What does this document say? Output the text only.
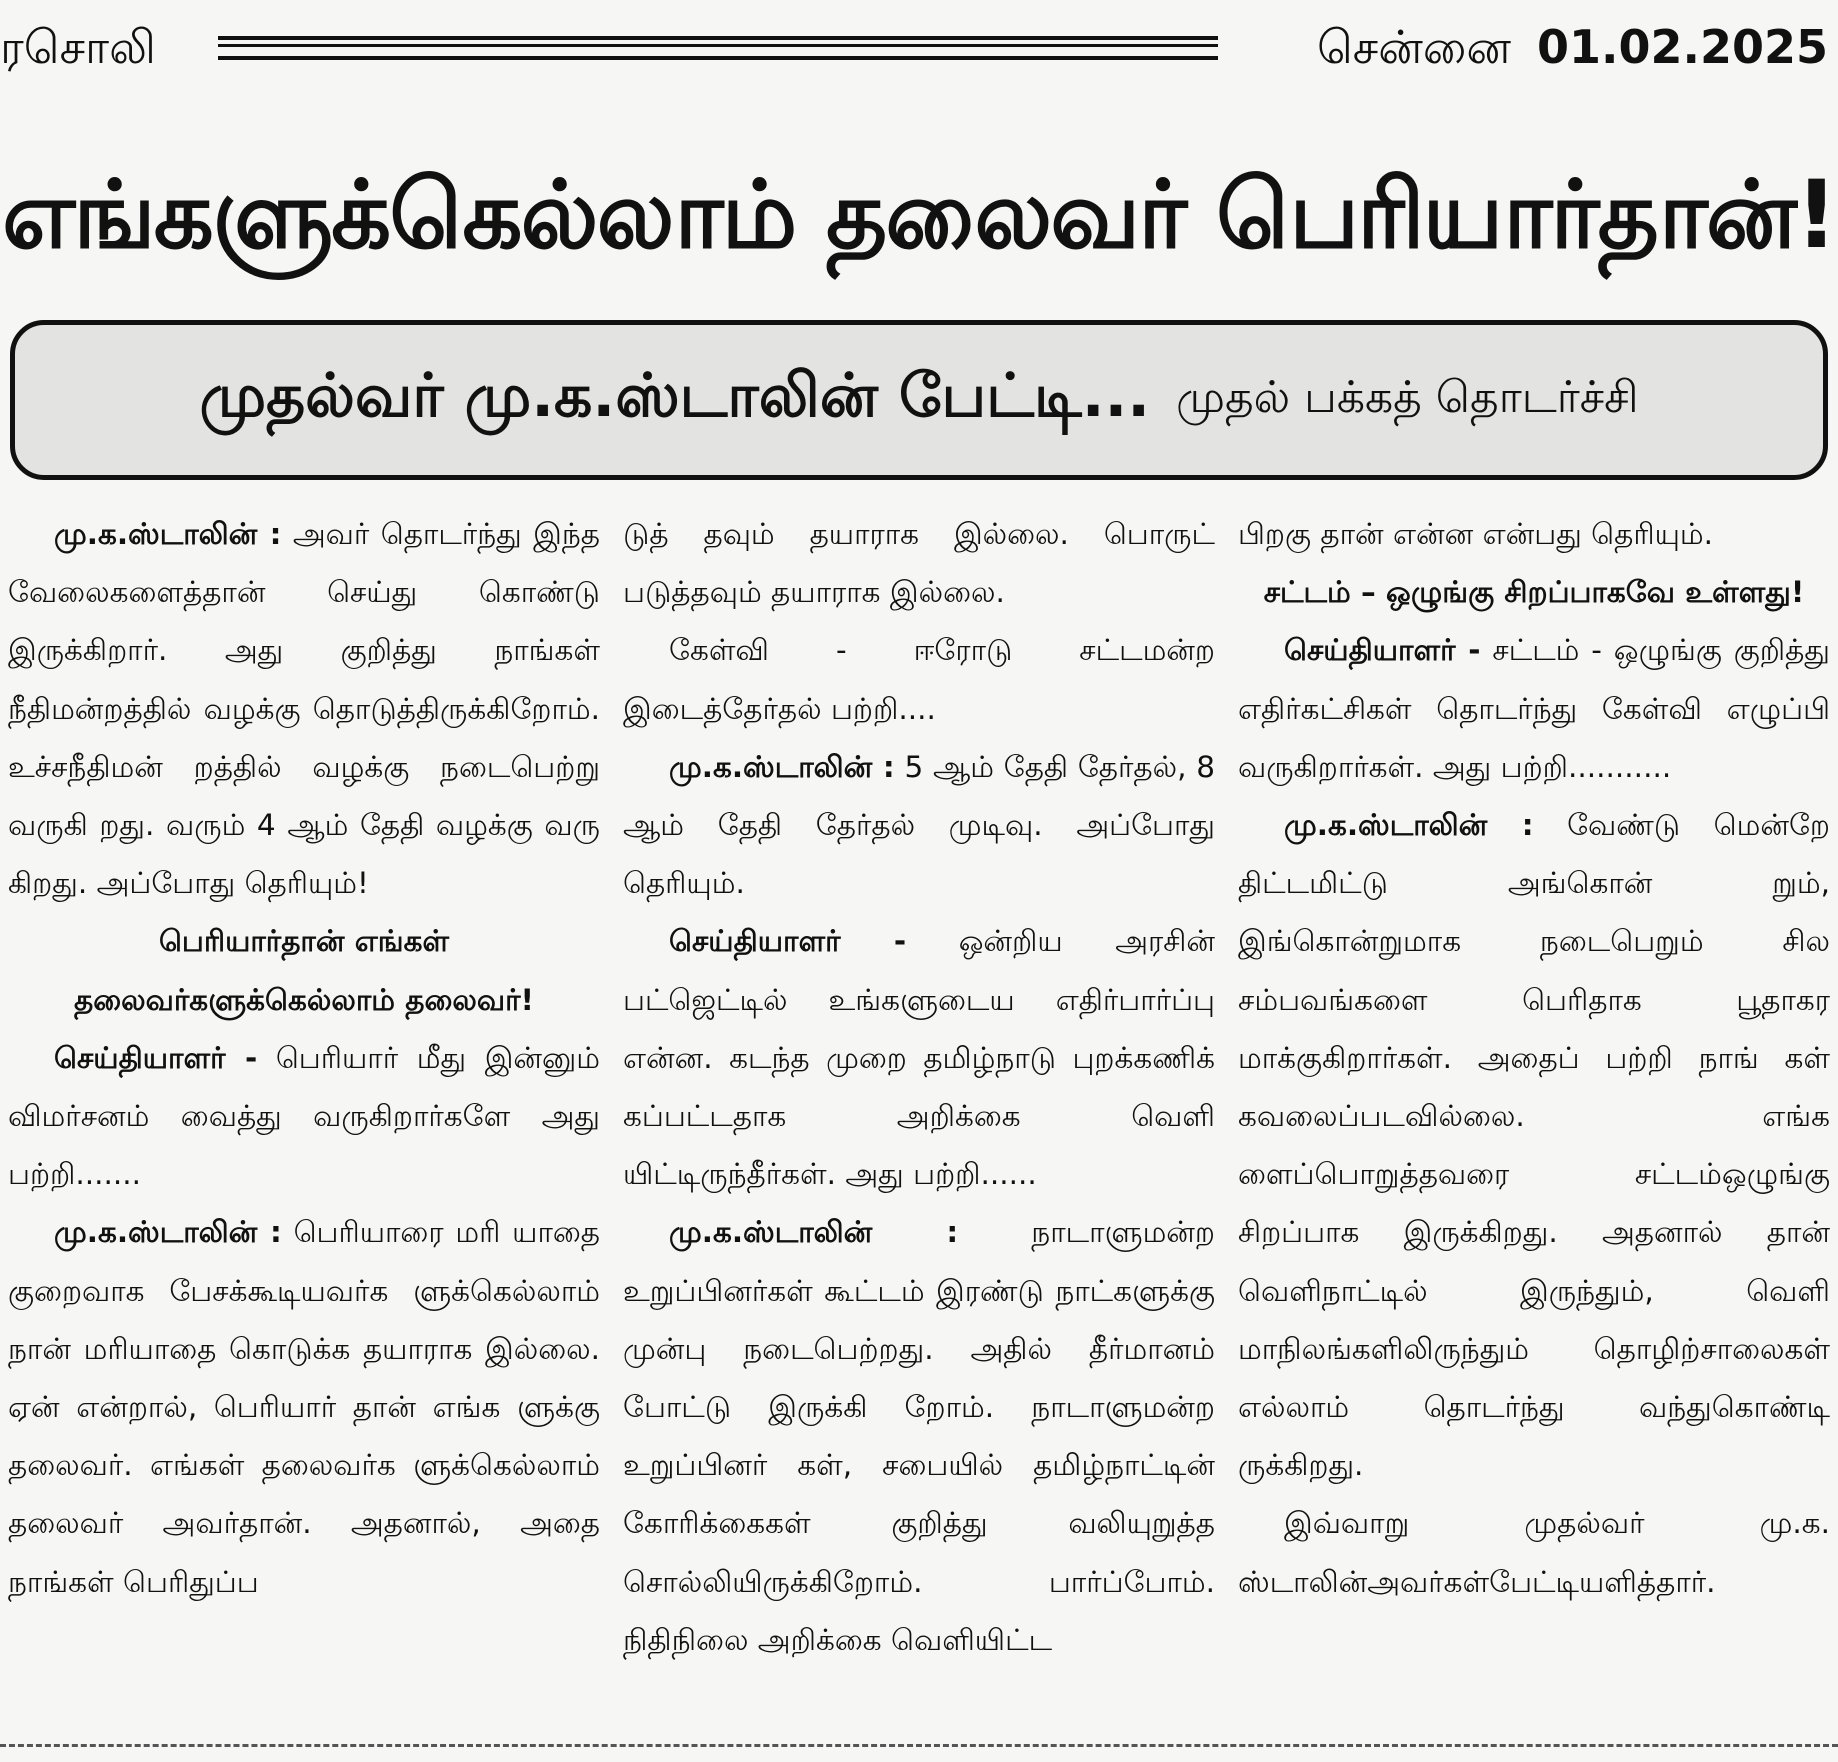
ரசொலி	சென்னை 01.02.2025
எங்களுக்கெல்லாம் தலைவர் பெரியார்தான்!
முதல்வர் மு.க.ஸ்டாலின் பேட்டி... முதல் பக்கத் தொடர்ச்சி

மு.க.ஸ்டாலின் : அவர் தொடர்ந்து இந்த வேலைகளைத்தான் செய்து கொண்டு இருக்கிறார். அது குறித்து நாங்கள் நீதிமன்றத்தில் வழக்கு தொடுத்திருக்கிறோம். உச்சநீதிமன் றத்தில் வழக்கு நடைபெற்று வருகி றது. வரும் 4 ஆம் தேதி வழக்கு வரு கிறது. அப்போது தெரியும்!

பெரியார்தான் எங்கள் தலைவர்களுக்கெல்லாம் தலைவர்!

செய்தியாளர் - பெரியார் மீது இன்னும் விமர்சனம் வைத்து வருகிறார்களே அது பற்றி.......

மு.க.ஸ்டாலின் : பெரியாரை மரி யாதை குறைவாக பேசக்கூடியவர்க ளுக்கெல்லாம் நான் மரியாதை கொடுக்க தயாராக இல்லை. ஏன் என்றால், பெரியார் தான் எங்க ளுக்கு தலைவர். எங்கள் தலைவர்க ளுக்கெல்லாம் தலைவர் அவர்தான். அதனால், அதை நாங்கள் பெரிதுப்ப

டுத் தவும் தயாராக இல்லை. பொருட் படுத்தவும் தயாராக இல்லை.

கேள்வி - ஈரோடு சட்டமன்ற இடைத்தேர்தல் பற்றி....

மு.க.ஸ்டாலின் : 5 ஆம் தேதி தேர்தல், 8 ஆம் தேதி தேர்தல் முடிவு. அப்போது தெரியும்.

செய்தியாளர் - ஒன்றிய அரசின் பட்ஜெட்டில் உங்களுடைய எதிர்பார்ப்பு என்ன. கடந்த முறை தமிழ்நாடு புறக்கணிக் கப்பட்டதாக அறிக்கை வெளி யிட்டிருந்தீர்கள். அது பற்றி......

மு.க.ஸ்டாலின் : நாடாளுமன்ற உறுப்பினர்கள் கூட்டம் இரண்டு நாட்களுக்கு முன்பு நடைபெற்றது. அதில் தீர்மானம் போட்டு இருக்கி றோம். நாடாளுமன்ற உறுப்பினர் கள், சபையில் தமிழ்நாட்டின் கோரிக்கைகள் குறித்து வலியுறுத்த சொல்லியிருக்கிறோம். பார்ப்போம். நிதிநிலை அறிக்கை வெளியிட்ட

பிறகு தான் என்ன என்பது தெரியும்.

சட்டம் – ஒழுங்கு சிறப்பாகவே உள்ளது!

செய்தியாளர் - சட்டம் - ஒழுங்கு குறித்து எதிர்கட்சிகள் தொடர்ந்து கேள்வி எழுப்பி வருகிறார்கள். அது பற்றி...........

மு.க.ஸ்டாலின் : வேண்டு மென்றே திட்டமிட்டு அங்கொன் றும், இங்கொன்றுமாக நடைபெறும் சில சம்பவங்களை பெரிதாக பூதாகர மாக்குகிறார்கள். அதைப் பற்றி நாங் கள் கவலைப்படவில்லை. எங்க ளைப்பொறுத்தவரை சட்டம்ஒழுங்கு சிறப்பாக இருக்கிறது. அதனால் தான் வெளிநாட்டில் இருந்தும், வெளி மாநிலங்களிலிருந்தும் தொழிற்சாலைகள் எல்லாம் தொடர்ந்து வந்துகொண்டி ருக்கிறது.

இவ்வாறு முதல்வர் மு.க. ஸ்டாலின்அவர்கள்பேட்டியளித்தார்.
